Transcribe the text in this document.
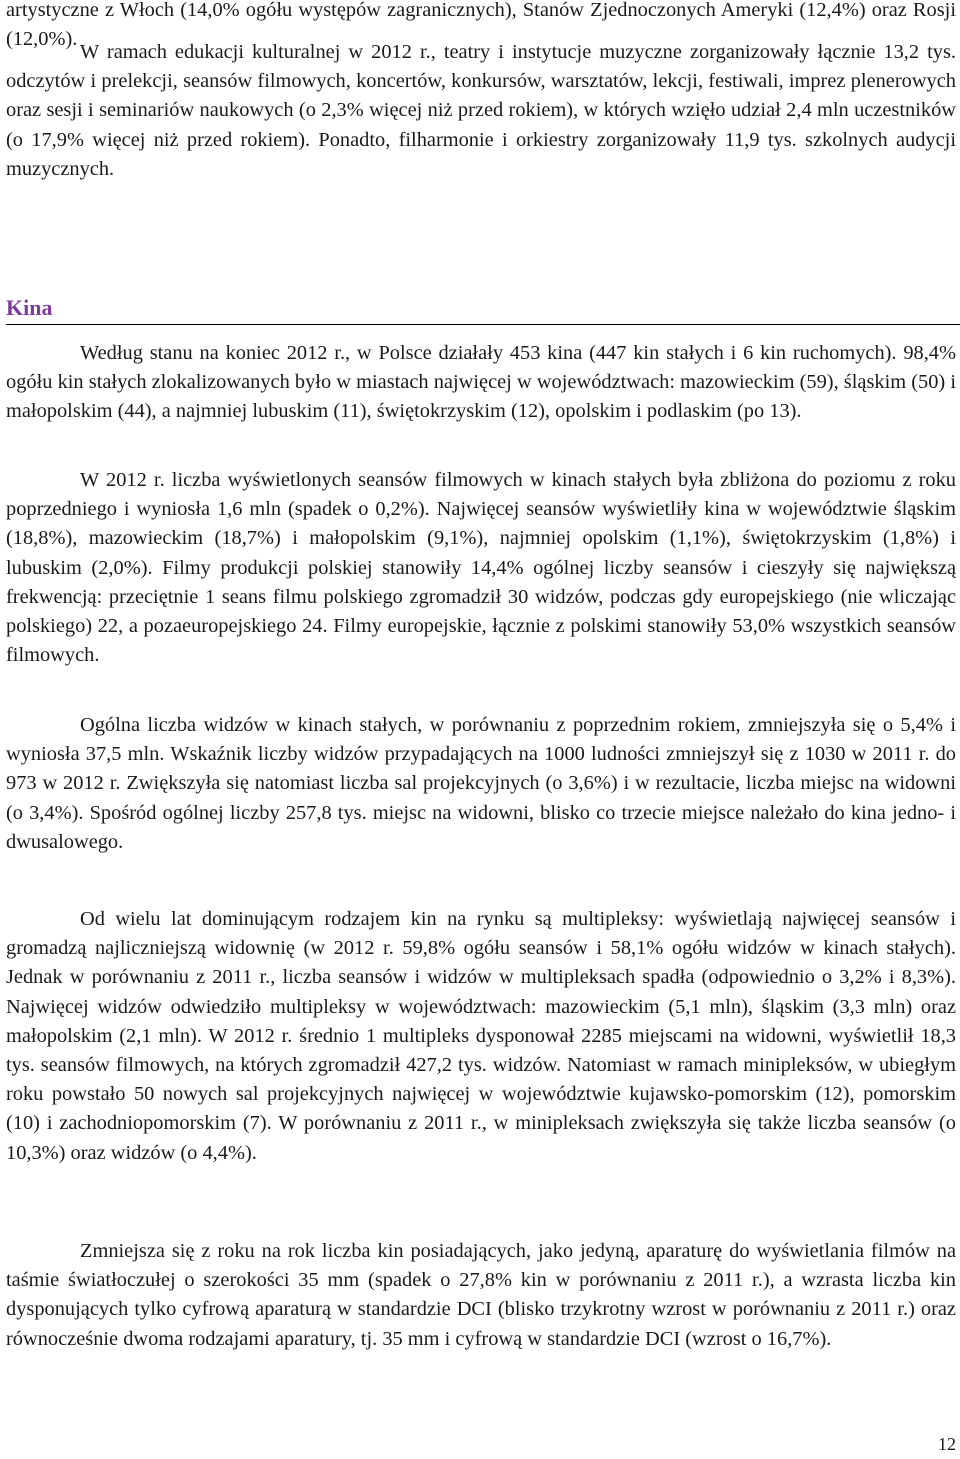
artystyczne z Włoch (14,0% ogółu występów zagranicznych), Stanów Zjednoczonych Ameryki (12,4%) oraz Rosji (12,0%).

W ramach edukacji kulturalnej w 2012 r., teatry i instytucje muzyczne zorganizowały łącznie 13,2 tys. odczytów i prelekcji, seansów filmowych, koncertów, konkursów, warsztatów, lekcji, festiwali, imprez plenerowych oraz sesji i seminariów naukowych (o 2,3% więcej niż przed rokiem), w których wzięło udział 2,4 mln uczestników (o 17,9% więcej niż przed rokiem). Ponadto, filharmonie i orkiestry zorganizowały 11,9 tys. szkolnych audycji muzycznych.

Kina

Według stanu na koniec 2012 r., w Polsce działały 453 kina (447 kin stałych i 6 kin ruchomych). 98,4% ogółu kin stałych zlokalizowanych było w miastach najwięcej w województwach: mazowieckim (59), śląskim (50) i małopolskim (44), a najmniej lubuskim (11), świętokrzyskim (12), opolskim i podlaskim (po 13).

W 2012 r. liczba wyświetlonych seansów filmowych w kinach stałych była zbliżona do poziomu z roku poprzedniego i wyniosła 1,6 mln (spadek o 0,2%). Najwięcej seansów wyświetliły kina w województwie śląskim (18,8%), mazowieckim (18,7%) i małopolskim (9,1%), najmniej opolskim (1,1%), świętokrzyskim (1,8%) i lubuskim (2,0%). Filmy produkcji polskiej stanowiły 14,4% ogólnej liczby seansów i cieszyły się największą frekwencją: przeciętnie 1 seans filmu polskiego zgromadził 30 widzów, podczas gdy europejskiego (nie wliczając polskiego) 22, a pozaeuropejskiego 24. Filmy europejskie, łącznie z polskimi stanowiły 53,0% wszystkich seansów filmowych.

Ogólna liczba widzów w kinach stałych, w porównaniu z poprzednim rokiem, zmniejszyła się o 5,4% i wyniosła 37,5 mln. Wskaźnik liczby widzów przypadających na 1000 ludności zmniejszył się z 1030 w 2011 r. do 973 w 2012 r. Zwiększyła się natomiast liczba sal projekcyjnych (o 3,6%) i w rezultacie, liczba miejsc na widowni (o 3,4%). Spośród ogólnej liczby 257,8 tys. miejsc na widowni, blisko co trzecie miejsce należało do kina jedno- i dwusalowego.

Od wielu lat dominującym rodzajem kin na rynku są multipleksy: wyświetlają najwięcej seansów i gromadzą najliczniejszą widownię (w 2012 r. 59,8% ogółu seansów i 58,1% ogółu widzów w kinach stałych). Jednak w porównaniu z 2011 r., liczba seansów i widzów w multipleksach spadła (odpowiednio o 3,2% i 8,3%). Najwięcej widzów odwiedziło multipleksy w województwach: mazowieckim (5,1 mln), śląskim (3,3 mln) oraz małopolskim (2,1 mln). W 2012 r. średnio 1 multipleks dysponował 2285 miejscami na widowni, wyświetlił 18,3 tys. seansów filmowych, na których zgromadził 427,2 tys. widzów. Natomiast w ramach minipleksów, w ubiegłym roku powstało 50 nowych sal projekcyjnych najwięcej w województwie kujawsko-pomorskim (12), pomorskim (10) i zachodniopomorskim (7). W porównaniu z 2011 r., w minipleksach zwiększyła się także liczba seansów (o 10,3%) oraz widzów (o 4,4%).

Zmniejsza się z roku na rok liczba kin posiadających, jako jedyną, aparaturę do wyświetlania filmów na taśmie światłoczułej o szerokości 35 mm (spadek o 27,8% kin w porównaniu z 2011 r.), a wzrasta liczba kin dysponujących tylko cyfrową aparaturą w standardzie DCI (blisko trzykrotny wzrost w porównaniu z 2011 r.) oraz równocześnie dwoma rodzajami aparatury, tj. 35 mm i cyfrową w standardzie DCI (wzrost o 16,7%).

12
